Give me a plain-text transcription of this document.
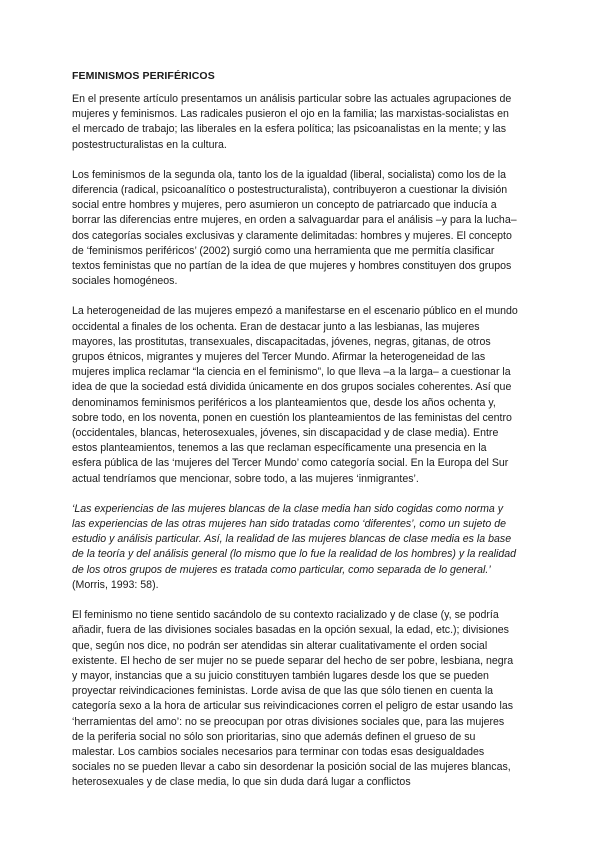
FEMINISMOS PERIFÉRICOS

En el presente artículo presentamos un análisis particular sobre las actuales agrupaciones de mujeres y feminismos. Las radicales pusieron el ojo en la familia; las marxistas-socialistas en el mercado de trabajo; las liberales en la esfera política; las psicoanalistas en la mente; y las postestructuralistas en la cultura.

Los feminismos de la segunda ola, tanto los de la igualdad (liberal, socialista) como los de la diferencia (radical, psicoanalítico o postestructuralista), contribuyeron a cuestionar la división social entre hombres y mujeres, pero asumieron un concepto de patriarcado que inducía a borrar las diferencias entre mujeres, en orden a salvaguardar para el análisis –y para la lucha– dos categorías sociales exclusivas y claramente delimitadas: hombres y mujeres. El concepto de ‘feminismos periféricos’ (2002) surgió como una herramienta que me permitía clasificar textos feministas que no partían de la idea de que mujeres y hombres constituyen dos grupos sociales homogéneos.

La heterogeneidad de las mujeres empezó a manifestarse en el escenario público en el mundo occidental a finales de los ochenta. Eran de destacar junto a las lesbianas, las mujeres mayores, las prostitutas, transexuales, discapacitadas, jóvenes, negras, gitanas, de otros grupos étnicos, migrantes y mujeres del Tercer Mundo. Afirmar la heterogeneidad de las mujeres implica reclamar “la ciencia en el feminismo”, lo que lleva –a la larga– a cuestionar la idea de que la sociedad está dividida únicamente en dos grupos sociales coherentes. Así que denominamos feminismos periféricos a los planteamientos que, desde los años ochenta y, sobre todo, en los noventa, ponen en cuestión los planteamientos de las feministas del centro (occidentales, blancas, heterosexuales, jóvenes, sin discapacidad y de clase media). Entre estos planteamientos, tenemos a las que reclaman específicamente una presencia en la esfera pública de las ‘mujeres del Tercer Mundo’ como categoría social. En la Europa del Sur actual tendríamos que mencionar, sobre todo, a las mujeres ‘inmigrantes’.

‘Las experiencias de las mujeres blancas de la clase media han sido cogidas como norma y las experiencias de las otras mujeres han sido tratadas como ‘diferentes’, como un sujeto de estudio y análisis particular. Así, la realidad de las mujeres blancas de clase media es la base de la teoría y del análisis general (lo mismo que lo fue la realidad de los hombres) y la realidad de los otros grupos de mujeres es tratada como particular, como separada de lo general.’ (Morris, 1993: 58).

El feminismo no tiene sentido sacándolo de su contexto racializado y de clase (y, se podría añadir, fuera de las divisiones sociales basadas en la opción sexual, la edad, etc.); divisiones que, según nos dice, no podrán ser atendidas sin alterar cualitativamente el orden social existente. El hecho de ser mujer no se puede separar del hecho de ser pobre, lesbiana, negra y mayor, instancias que a su juicio constituyen también lugares desde los que se pueden proyectar reivindicaciones feministas. Lorde avisa de que las que sólo tienen en cuenta la categoría sexo a la hora de articular sus reivindicaciones corren el peligro de estar usando las ‘herramientas del amo’: no se preocupan por otras divisiones sociales que, para las mujeres de la periferia social no sólo son prioritarias, sino que además definen el grueso de su malestar. Los cambios sociales necesarios para terminar con todas esas desigualdades sociales no se pueden llevar a cabo sin desordenar la posición social de las mujeres blancas, heterosexuales y de clase media, lo que sin duda dará lugar a conflictos
